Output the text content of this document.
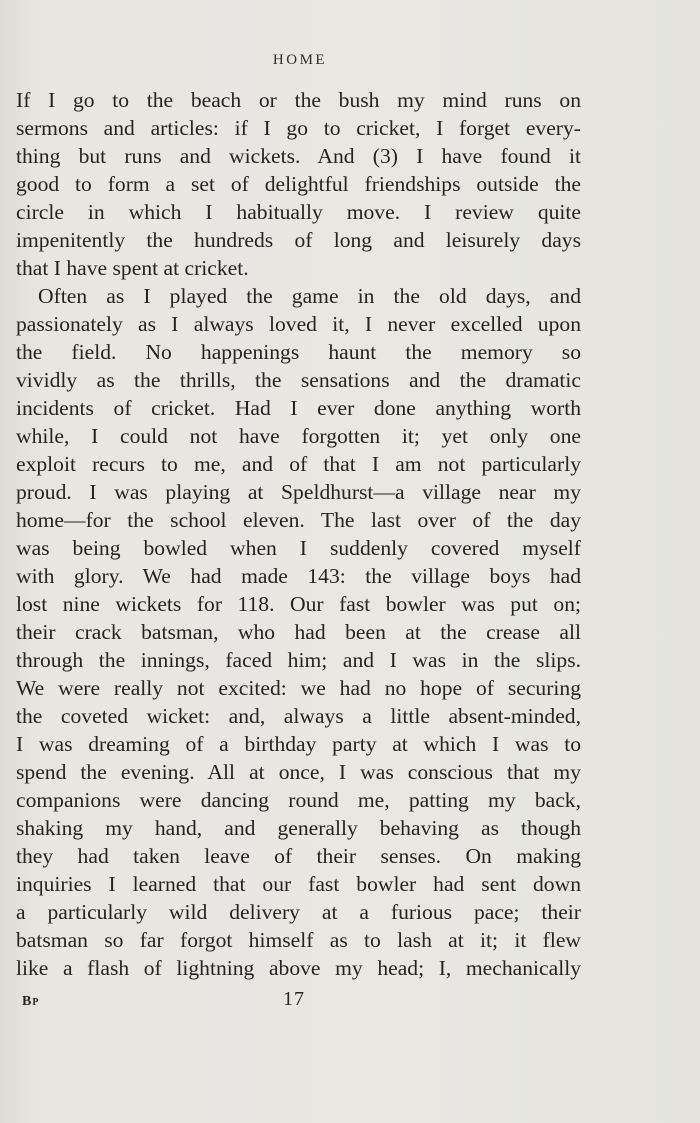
HOME
If I go to the beach or the bush my mind runs on
sermons and articles: if I go to cricket, I forget every-
thing but runs and wickets. And (3) I have found it
good to form a set of delightful friendships outside the
circle in which I habitually move. I review quite
impenitently the hundreds of long and leisurely days
that I have spent at cricket.
Often as I played the game in the old days, and
passionately as I always loved it, I never excelled upon
the field. No happenings haunt the memory so
vividly as the thrills, the sensations and the dramatic
incidents of cricket. Had I ever done anything worth
while, I could not have forgotten it; yet only one
exploit recurs to me, and of that I am not particularly
proud. I was playing at Speldhurst—a village near my
home—for the school eleven. The last over of the day
was being bowled when I suddenly covered myself
with glory. We had made 143: the village boys had
lost nine wickets for 118. Our fast bowler was put on;
their crack batsman, who had been at the crease all
through the innings, faced him; and I was in the slips.
We were really not excited: we had no hope of securing
the coveted wicket: and, always a little absent-minded,
I was dreaming of a birthday party at which I was to
spend the evening. All at once, I was conscious that my
companions were dancing round me, patting my back,
shaking my hand, and generally behaving as though
they had taken leave of their senses. On making
inquiries I learned that our fast bowler had sent down
a particularly wild delivery at a furious pace; their
batsman so far forgot himself as to lash at it; it flew
like a flash of lightning above my head; I, mechanically
Bp	17
